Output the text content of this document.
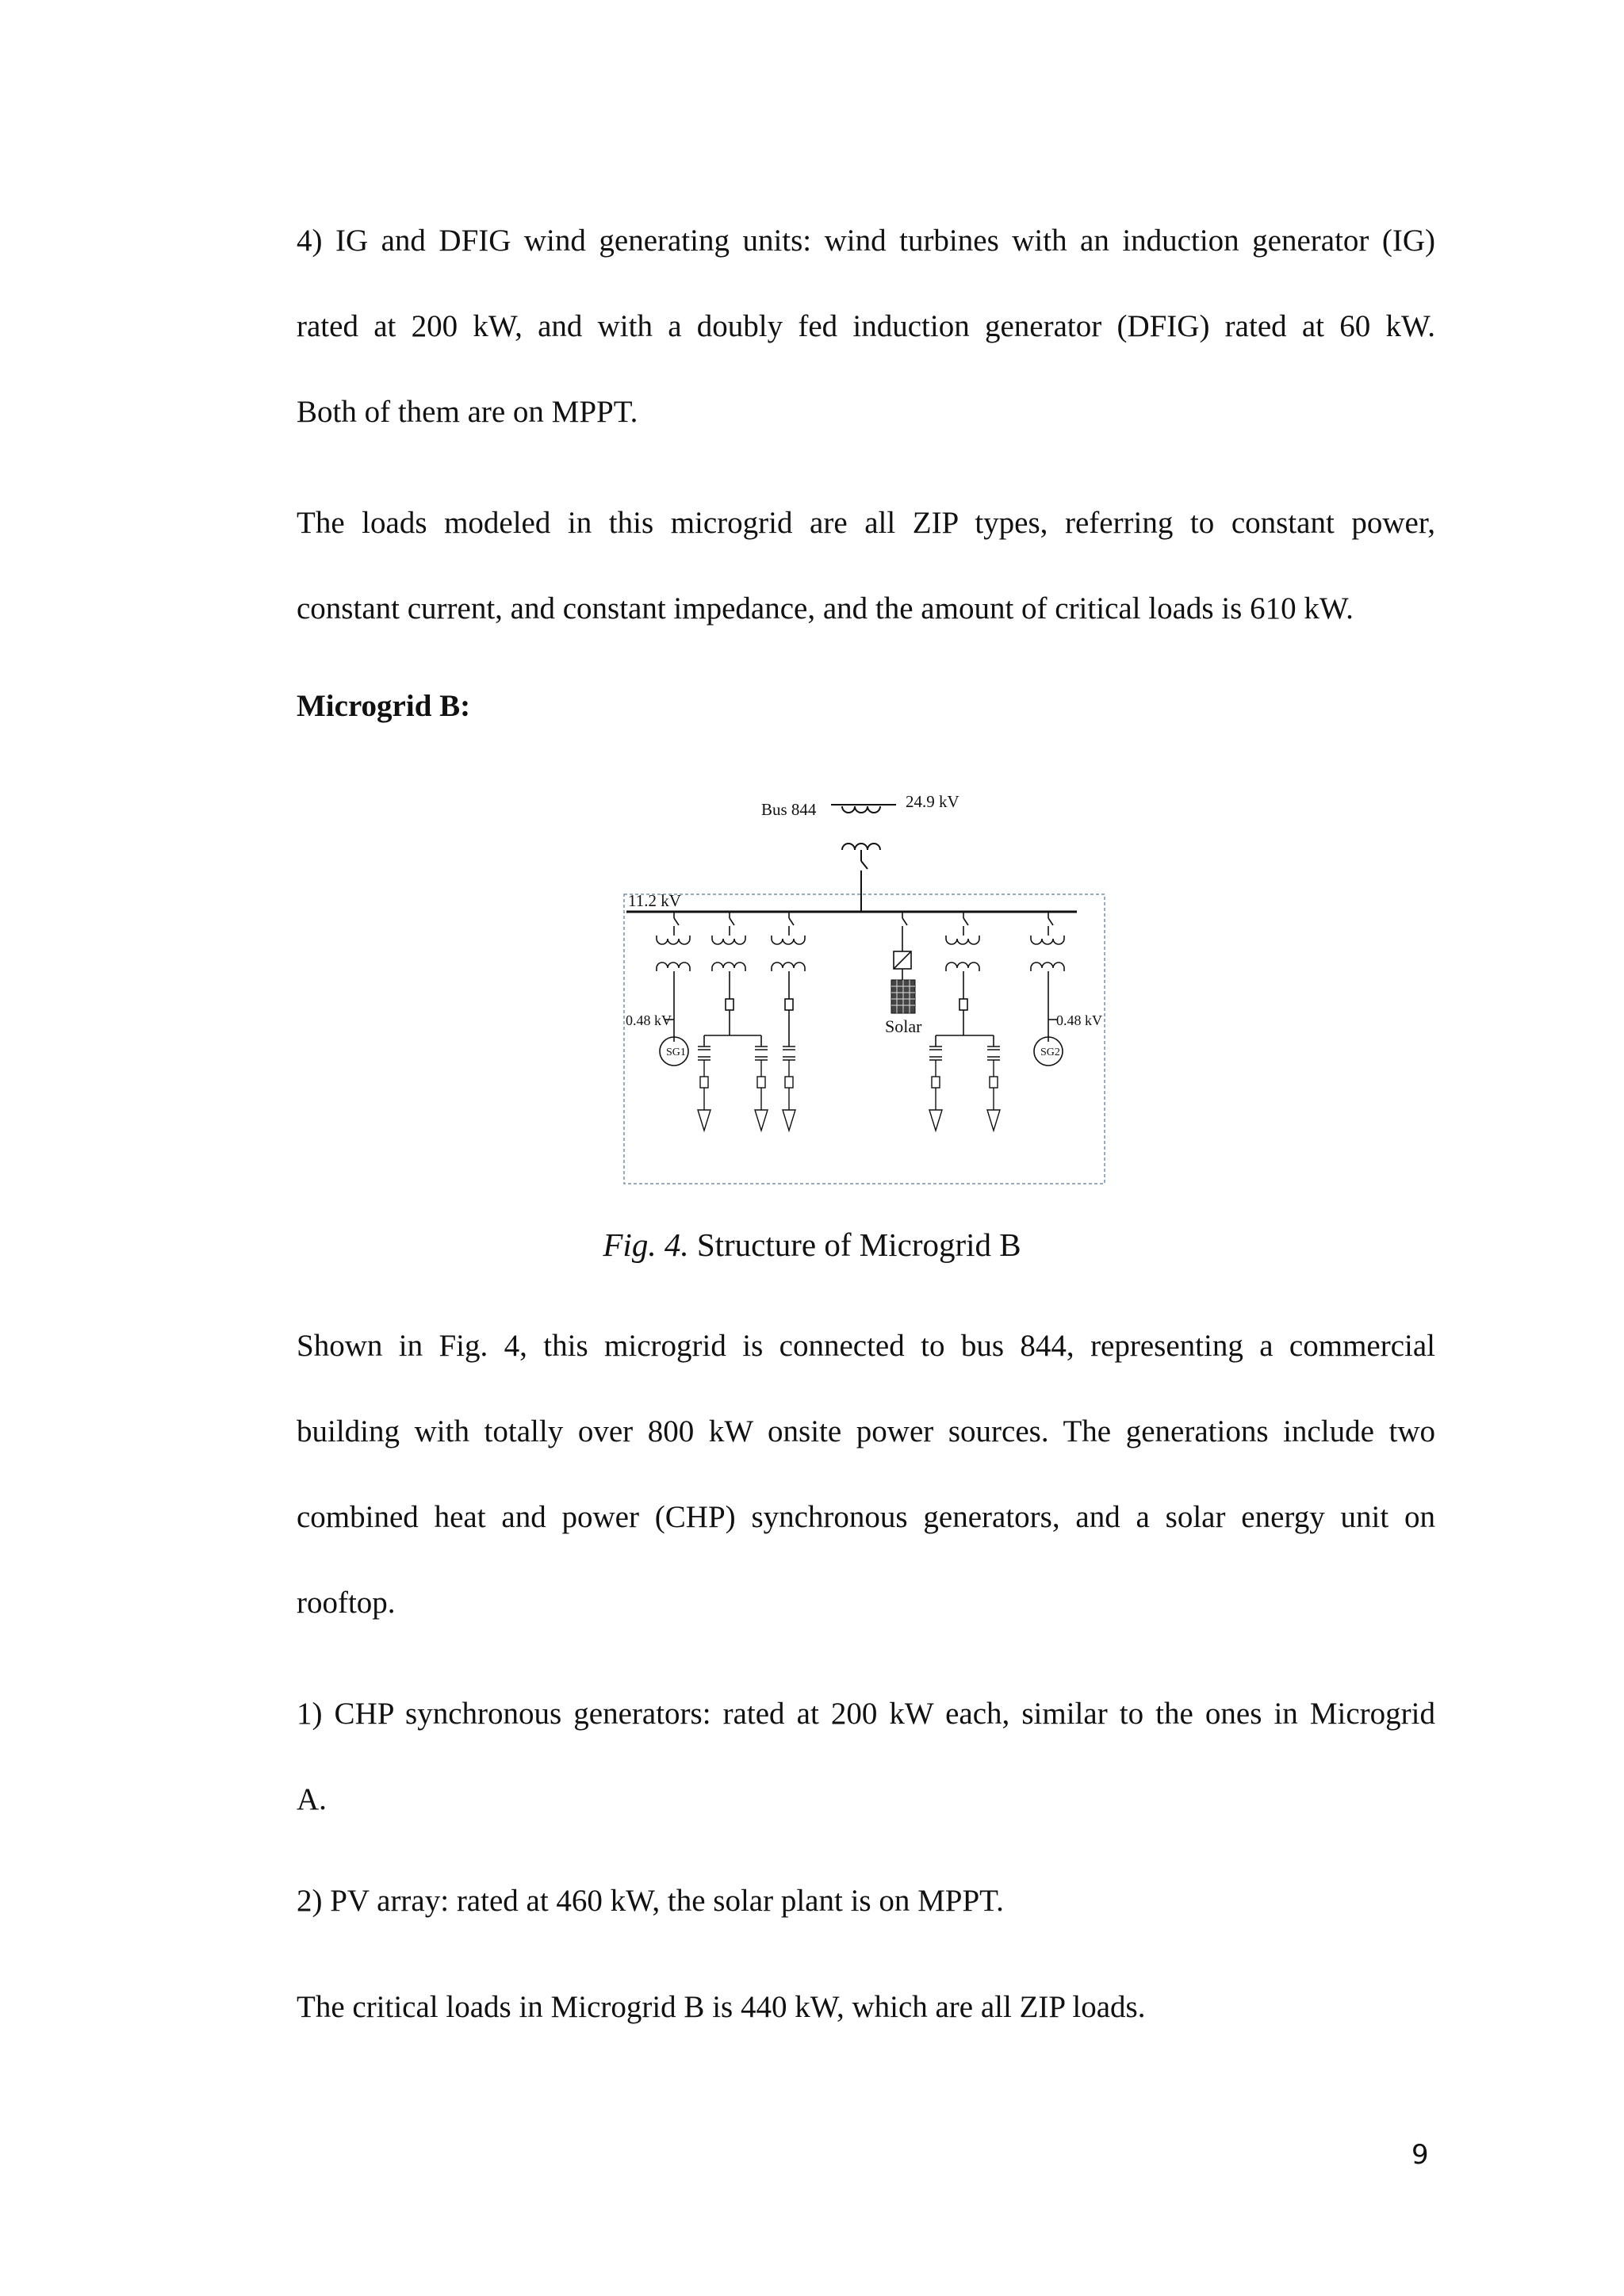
4) IG and DFIG wind generating units: wind turbines with an induction generator (IG)
rated at 200 kW, and with a doubly fed induction generator (DFIG) rated at 60 kW.
Both of them are on MPPT.
The loads modeled in this microgrid are all ZIP types, referring to constant power,
constant current, and constant impedance, and the amount of critical loads is 610 kW.

Microgrid B:

Bus 844	24.9 kV
11.2 kV
SG1
0.48 kV	Solar
SG2
0.48 kV

Fig. 4. Structure of Microgrid B

Shown in Fig. 4, this microgrid is connected to bus 844, representing a commercial
building with totally over 800 kW onsite power sources. The generations include two
combined heat and power (CHP) synchronous generators, and a solar energy unit on
rooftop.
1) CHP synchronous generators: rated at 200 kW each, similar to the ones in Microgrid
A.
2) PV array: rated at 460 kW, the solar plant is on MPPT.
The critical loads in Microgrid B is 440 kW, which are all ZIP loads.

9
